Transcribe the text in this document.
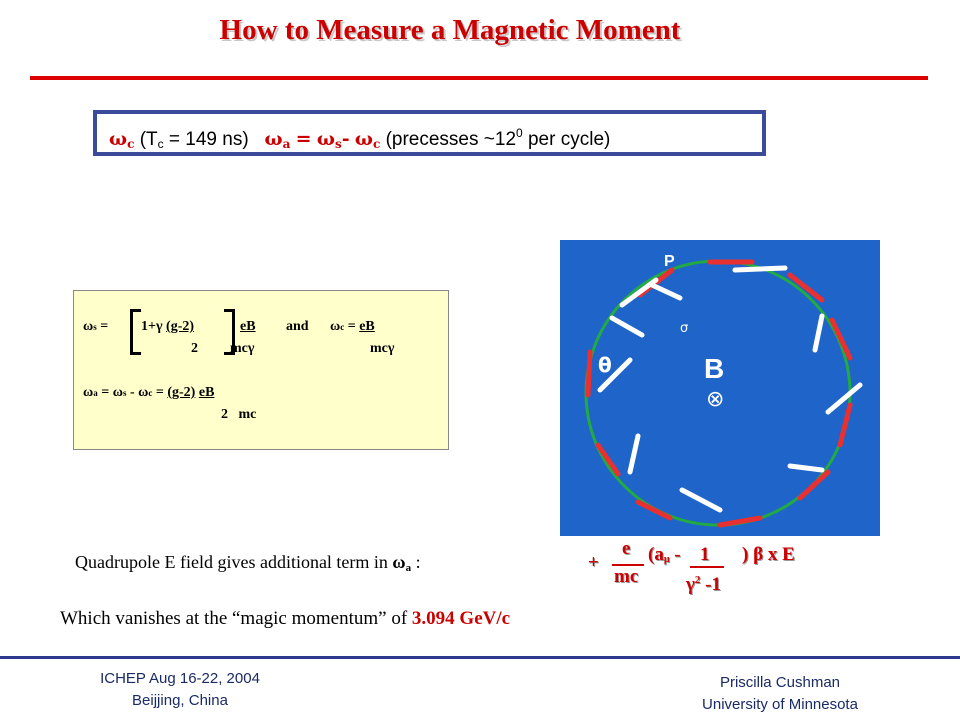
How to Measure a Magnetic Moment
ωc (Tc = 149 ns) ωa = ωs- ωc (precesses $\sim 12^0$ per cycle)
ωs = 1+γ (g-2)
2
eB
mcγ
and ωc = eB
mcγ
ωa = ωs - ωc = (g-2) eB
2 mc
P
σ
θ	B
⊗
Quadrupole E field gives additional term in ωa :	+
e
mc
(aμ - 1 ) β x E
$\gamma^2$ -1
Which vanishes at the “magic momentum” of 3.094 GeV/c
ICHEP Aug 16-22, 2004
Beijjing, China
Priscilla Cushman
University of Minnesota
